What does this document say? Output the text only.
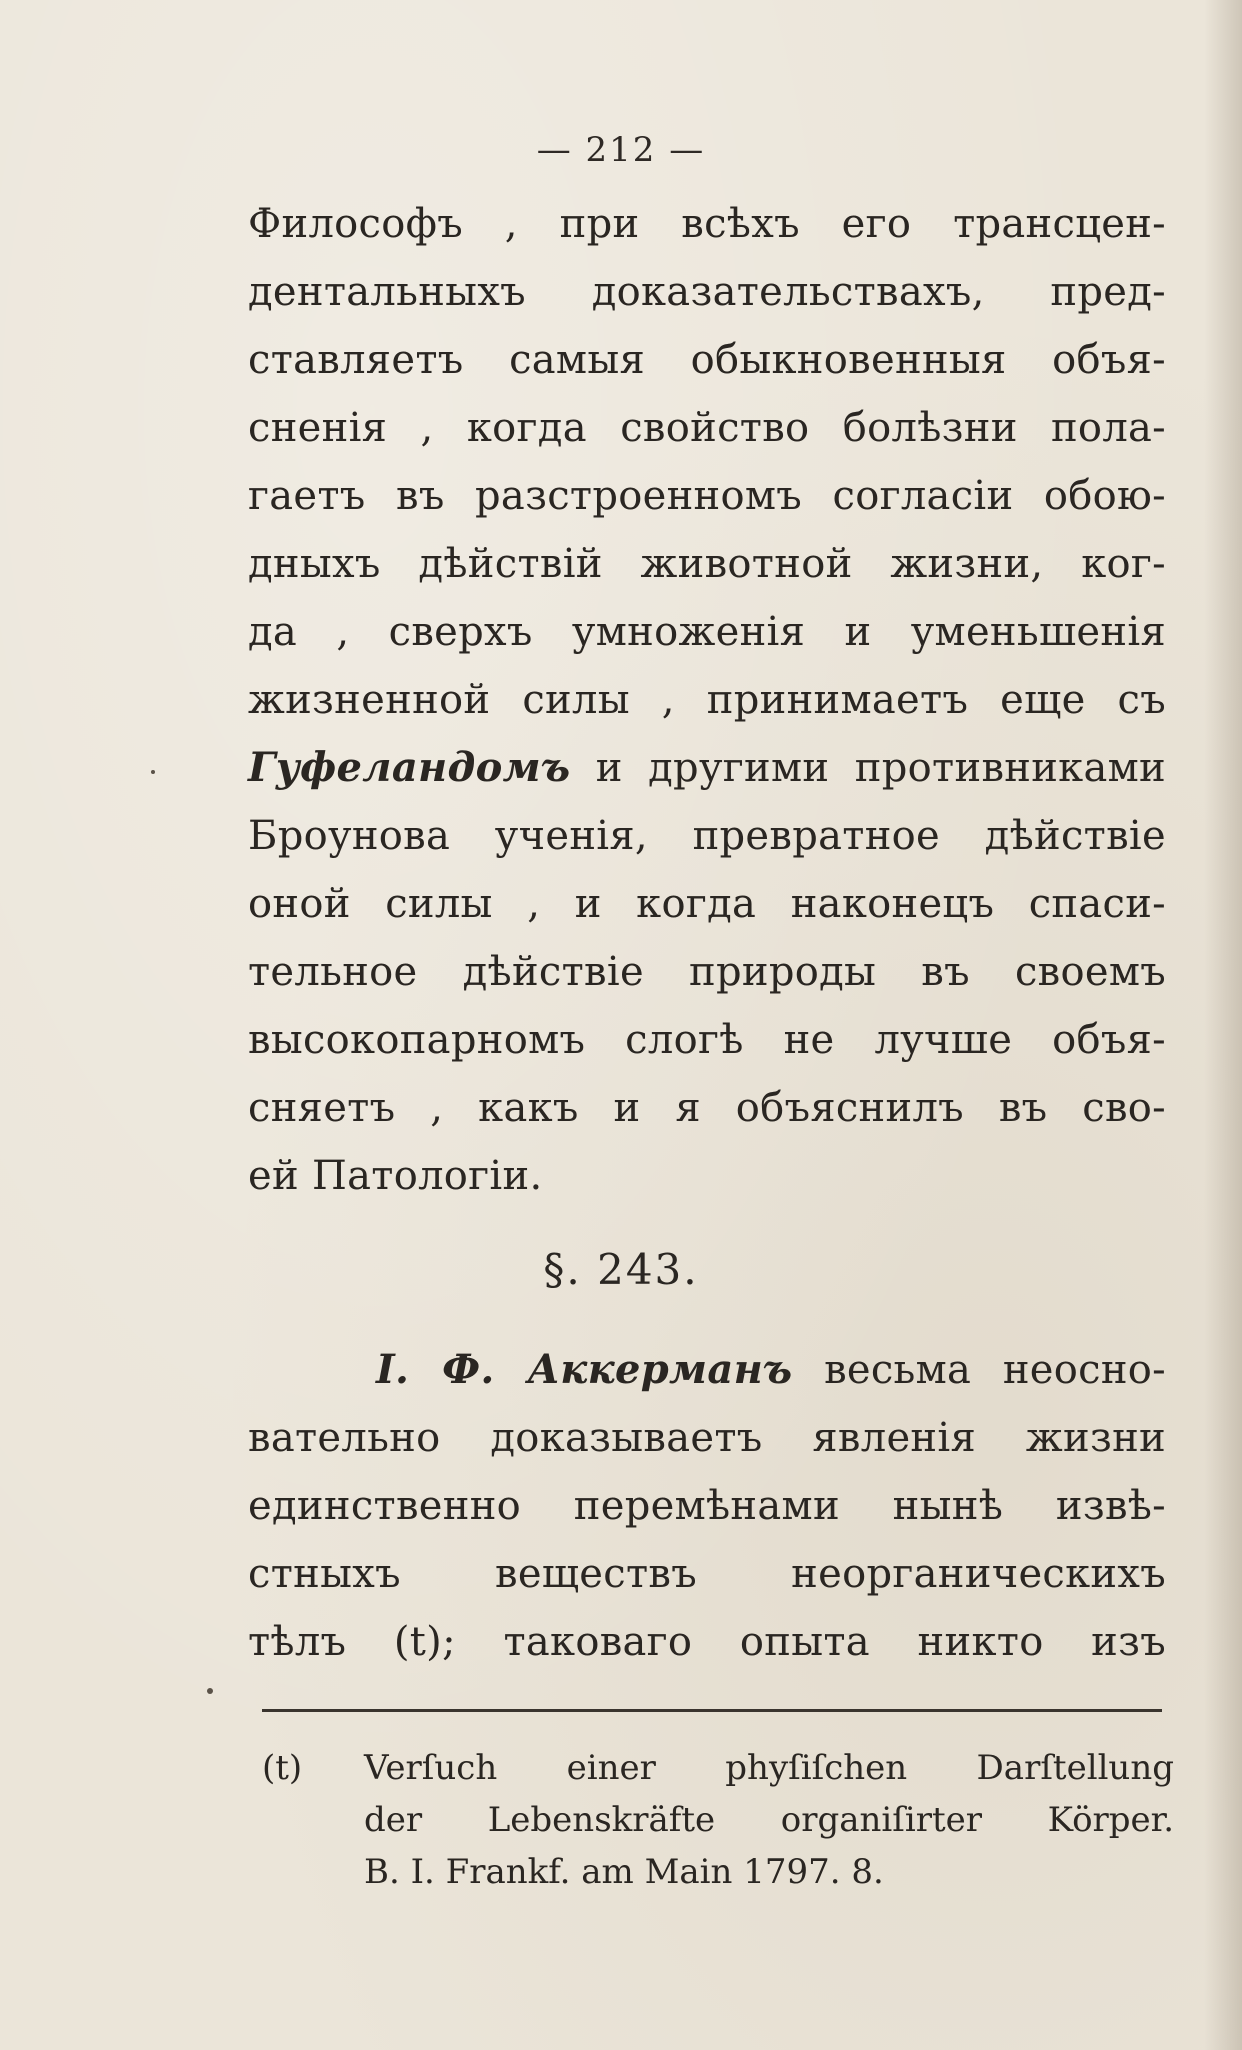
— 212 —
Философъ , при всѣхъ его трансцен-
дентальныхъ доказательствахъ, пред-
ставляетъ самыя обыкновенныя объя-
сненія , когда свойство болѣзни пола-
гаетъ въ разстроенномъ согласіи обою-
дныхъ дѣйствій животной жизни, ког-
да , сверхъ умноженія и уменьшенія
жизненной силы , принимаетъ еще съ
Гуфеландомъ и другими противниками
Броунова ученія, превратное дѣйствіе
оной силы , и когда наконецъ спаси-
тельное дѣйствіе природы въ своемъ
высокопарномъ слогѣ не лучше объя-
сняетъ , какъ и я объяснилъ въ сво-
ей Патологіи.
§. 243.
I. Ф. Аккерманъ весьма неосно-
вательно доказываетъ явленія жизни
единственно перемѣнами нынѣ извѣ-
стныхъ веществъ неорганическихъ
тѣлъ (t); таковаго опыта никто изъ
(t) Verſuch einer phyſiſchen Darſtellung
der Lebenskräfte organiſirter Körper.
B. I. Frankf. am Main 1797. 8.
